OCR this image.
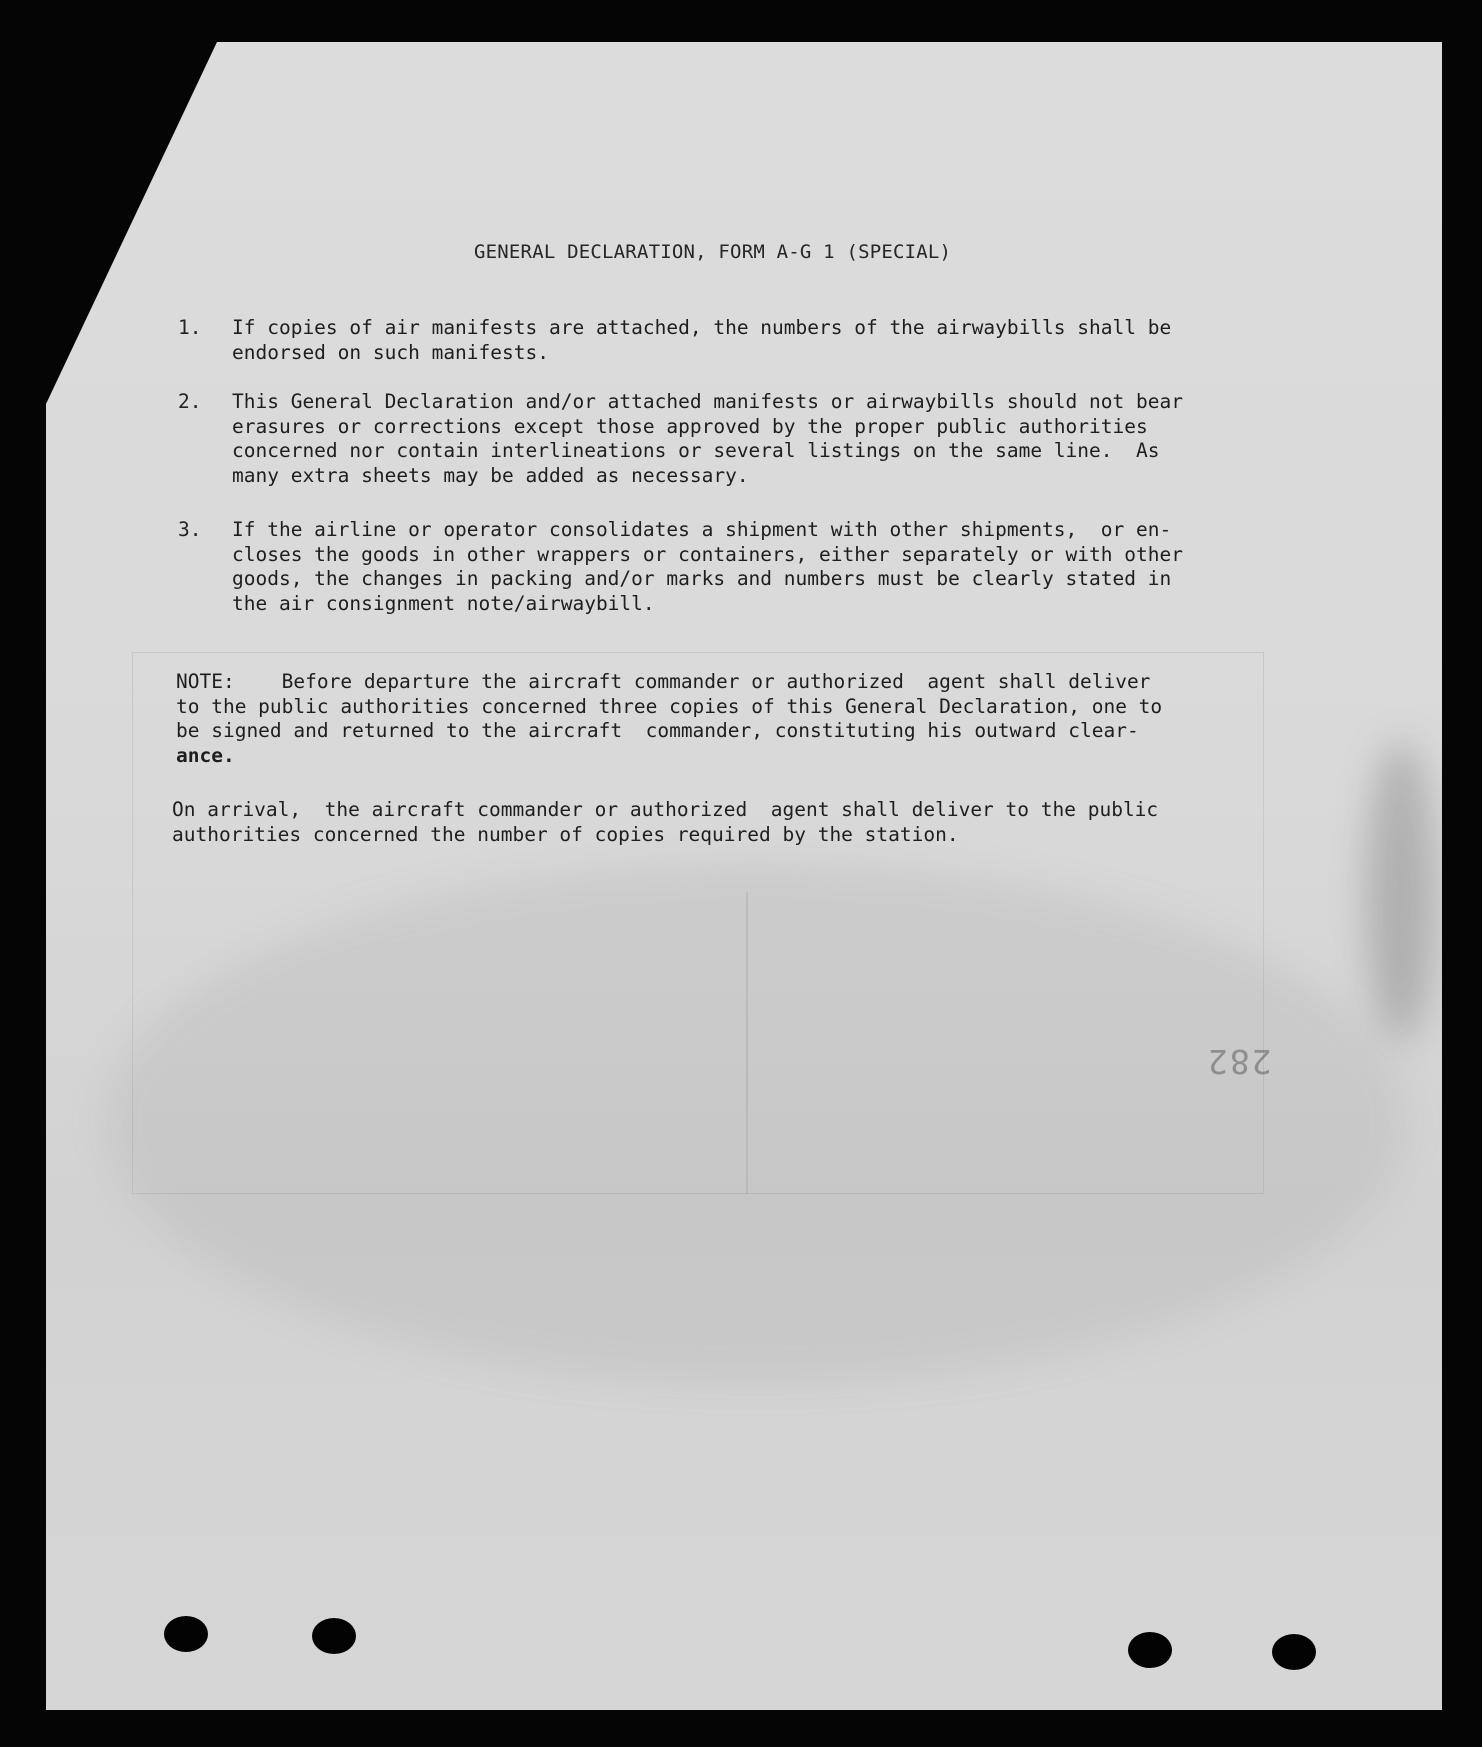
GENERAL DECLARATION, FORM A-G 1 (SPECIAL)
1. If copies of air manifests are attached, the numbers of the airwaybills shall be
endorsed on such manifests.
2. This General Declaration and/or attached manifests or airwaybills should not bear
erasures or corrections except those approved by the proper public authorities
concerned nor contain interlineations or several listings on the same line.  As
many extra sheets may be added as necessary.
3. If the airline or operator consolidates a shipment with other shipments,  or en-
closes the goods in other wrappers or containers, either separately or with other
goods, the changes in packing and/or marks and numbers must be clearly stated in
the air consignment note/airwaybill.
NOTE:    Before departure the aircraft commander or authorized  agent shall deliver
to the public authorities concerned three copies of this General Declaration, one to
be signed and returned to the aircraft  commander, constituting his outward clear-
ance.
On arrival,  the aircraft commander or authorized  agent shall deliver to the public
authorities concerned the number of copies required by the station.
282
